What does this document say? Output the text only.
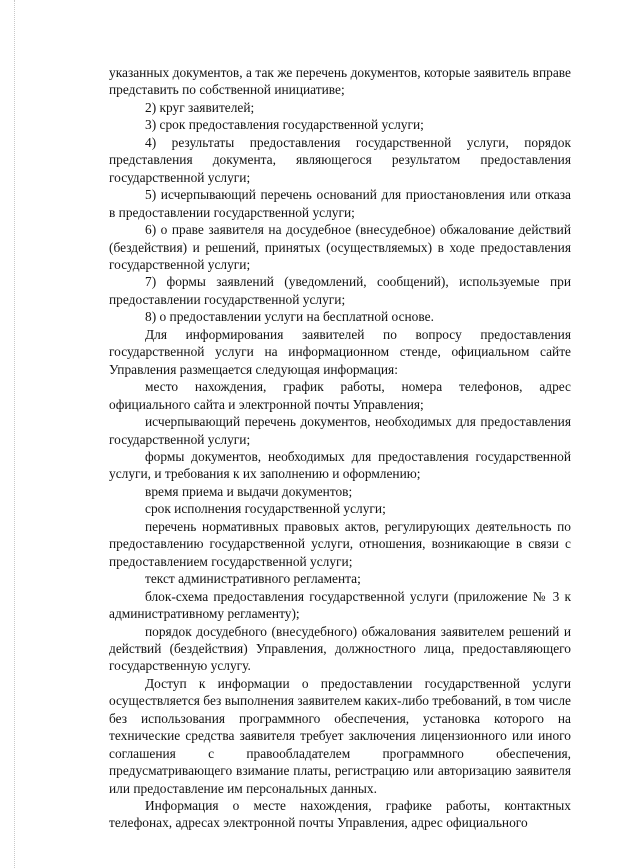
указанных документов, а так же перечень документов, которые заявитель вправе представить по собственной инициативе;

2) круг заявителей;

3) срок предоставления государственной услуги;

4) результаты предоставления государственной услуги, порядок представления документа, являющегося результатом предоставления государственной услуги;

5) исчерпывающий перечень оснований для приостановления или отказа в предоставлении государственной услуги;

6) о праве заявителя на досудебное (внесудебное) обжалование действий (бездействия) и решений, принятых (осуществляемых) в ходе предоставления государственной услуги;

7) формы заявлений (уведомлений, сообщений), используемые при предоставлении государственной услуги;

8) о предоставлении услуги на бесплатной основе.

Для информирования заявителей по вопросу предоставления государственной услуги на информационном стенде, официальном сайте Управления размещается следующая информация:

место нахождения, график работы, номера телефонов, адрес официального сайта и электронной почты Управления;

исчерпывающий перечень документов, необходимых для предоставления государственной услуги;

формы документов, необходимых для предоставления государственной услуги, и требования к их заполнению и оформлению;

время приема и выдачи документов;

срок исполнения государственной услуги;

перечень нормативных правовых актов, регулирующих деятельность по предоставлению государственной услуги, отношения, возникающие в связи с предоставлением государственной услуги;

текст административного регламента;

блок-схема предоставления государственной услуги (приложение № 3 к административному регламенту);

порядок досудебного (внесудебного) обжалования заявителем решений и действий (бездействия) Управления, должностного лица, предоставляющего государственную услугу.

Доступ к информации о предоставлении государственной услуги осуществляется без выполнения заявителем каких-либо требований, в том числе без использования программного обеспечения, установка которого на технические средства заявителя требует заключения лицензионного или иного соглашения с правообладателем программного обеспечения, предусматривающего взимание платы, регистрацию или авторизацию заявителя или предоставление им персональных данных.

Информация о месте нахождения, графике работы, контактных телефонах, адресах электронной почты Управления, адрес официального
